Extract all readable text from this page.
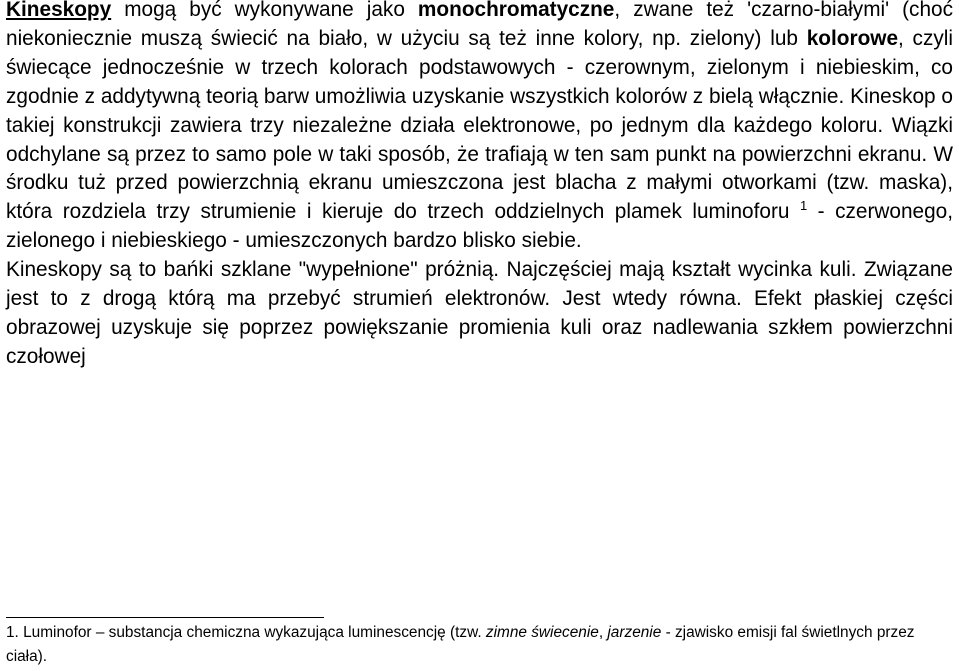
Kineskopy mogą być wykonywane jako monochromatyczne, zwane też 'czarno-białymi' (choć niekoniecznie muszą świecić na biało, w użyciu są też inne kolory, np. zielony) lub kolorowe, czyli świecące jednocześnie w trzech kolorach podstawowych - czerownym, zielonym i niebieskim, co zgodnie z addytywną teorią barw umożliwia uzyskanie wszystkich kolorów z bielą włącznie. Kineskop o takiej konstrukcji zawiera trzy niezależne działa elektronowe, po jednym dla każdego koloru. Wiązki odchylane są przez to samo pole w taki sposób, że trafiają w ten sam punkt na powierzchni ekranu. W środku tuż przed powierzchnią ekranu umieszczona jest blacha z małymi otworkami (tzw. maska), która rozdziela trzy strumienie i kieruje do trzech oddzielnych plamek luminoforu $^1$ - czerwonego, zielonego i niebieskiego - umieszczonych bardzo blisko siebie.

Kineskopy są to bańki szklane "wypełnione" próżnią. Najczęściej mają kształt wycinka kuli. Związane jest to z drogą którą ma przebyć strumień elektronów. Jest wtedy równa. Efekt płaskiej części obrazowej uzyskuje się poprzez powiększanie promienia kuli oraz nadlewania szkłem powierzchni czołowej

1. Luminofor – substancja chemiczna wykazująca luminescencję (tzw. zimne świecenie, jarzenie - zjawisko emisji fal świetlnych przez ciała).
